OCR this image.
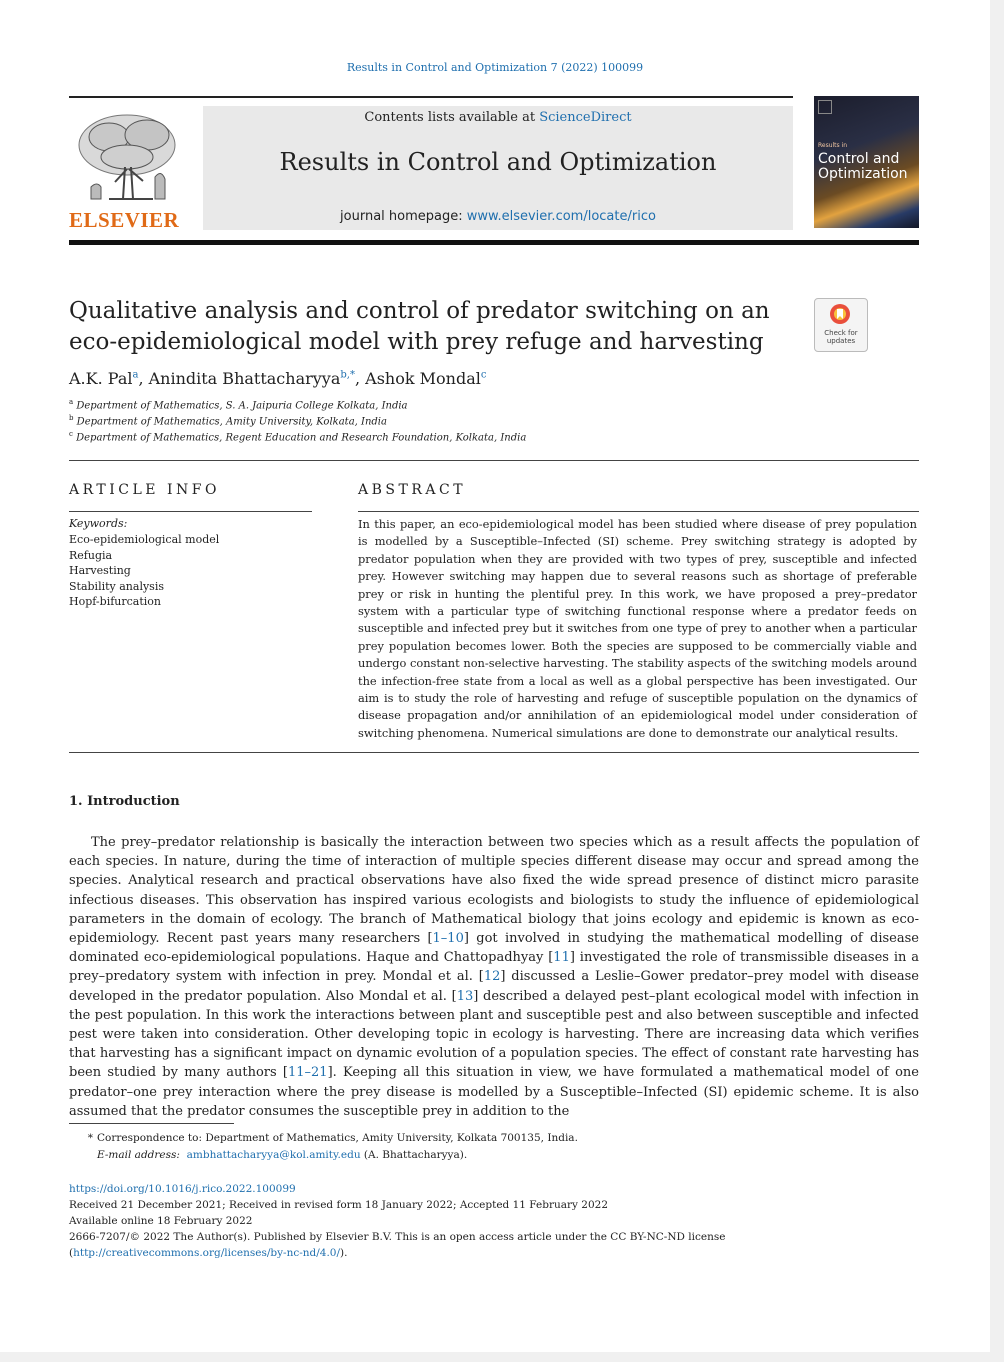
Results in Control and Optimization 7 (2022) 100099
ELSEVIER
Contents lists available at ScienceDirect
Results in Control and Optimization
journal homepage: www.elsevier.com/locate/rico
Results in
Control and
Optimization
Qualitative analysis and control of predator switching on an
eco-epidemiological model with prey refuge and harvesting	Check for
updates
A.K. Pal$^a$, Anindita Bhattacharyya$^{b,*}$, Ashok Mondal$^c$
$^a$ Department of Mathematics, S. A. Jaipuria College Kolkata, India
$^b$ Department of Mathematics, Amity University, Kolkata, India
$^c$ Department of Mathematics, Regent Education and Research Foundation, Kolkata, India
ARTICLE INFO	ABSTRACT
Keywords:
Eco-epidemiological model
Refugia
Harvesting
Stability analysis
Hopf-bifurcation
In this paper, an eco-epidemiological model has been studied where disease of prey population is modelled by a Susceptible–Infected (SI) scheme. Prey switching strategy is adopted by predator population when they are provided with two types of prey, susceptible and infected prey. However switching may happen due to several reasons such as shortage of preferable prey or risk in hunting the plentiful prey. In this work, we have proposed a prey–predator system with a particular type of switching functional response where a predator feeds on susceptible and infected prey but it switches from one type of prey to another when a particular prey population becomes lower. Both the species are supposed to be commercially viable and undergo constant non-selective harvesting. The stability aspects of the switching models around the infection-free state from a local as well as a global perspective has been investigated. Our aim is to study the role of harvesting and refuge of susceptible population on the dynamics of disease propagation and/or annihilation of an epidemiological model under consideration of switching phenomena. Numerical simulations are done to demonstrate our analytical results.
1. Introduction
The prey–predator relationship is basically the interaction between two species which as a result affects the population of each species. In nature, during the time of interaction of multiple species different disease may occur and spread among the species. Analytical research and practical observations have also fixed the wide spread presence of distinct micro parasite infectious diseases. This observation has inspired various ecologists and biologists to study the influence of epidemiological parameters in the domain of ecology. The branch of Mathematical biology that joins ecology and epidemic is known as eco-epidemiology. Recent past years many researchers [1–10] got involved in studying the mathematical modelling of disease dominated eco-epidemiological populations. Haque and Chattopadhyay [11] investigated the role of transmissible diseases in a prey–predatory system with infection in prey. Mondal et al. [12] discussed a Leslie–Gower predator–prey model with disease developed in the predator population. Also Mondal et al. [13] described a delayed pest–plant ecological model with infection in the pest population. In this work the interactions between plant and susceptible pest and also between susceptible and infected pest were taken into consideration. Other developing topic in ecology is harvesting. There are increasing data which verifies that harvesting has a significant impact on dynamic evolution of a population species. The effect of constant rate harvesting has been studied by many authors [11–21]. Keeping all this situation in view, we have formulated a mathematical model of one predator–one prey interaction where the prey disease is modelled by a Susceptible–Infected (SI) epidemic scheme. It is also assumed that the predator consumes the susceptible prey in addition to the
* Correspondence to: Department of Mathematics, Amity University, Kolkata 700135, India.
E-mail address: ambhattacharyya@kol.amity.edu (A. Bhattacharyya).
https://doi.org/10.1016/j.rico.2022.100099
Received 21 December 2021; Received in revised form 18 January 2022; Accepted 11 February 2022
Available online 18 February 2022
2666-7207/© 2022 The Author(s). Published by Elsevier B.V. This is an open access article under the CC BY-NC-ND license
(http://creativecommons.org/licenses/by-nc-nd/4.0/).
